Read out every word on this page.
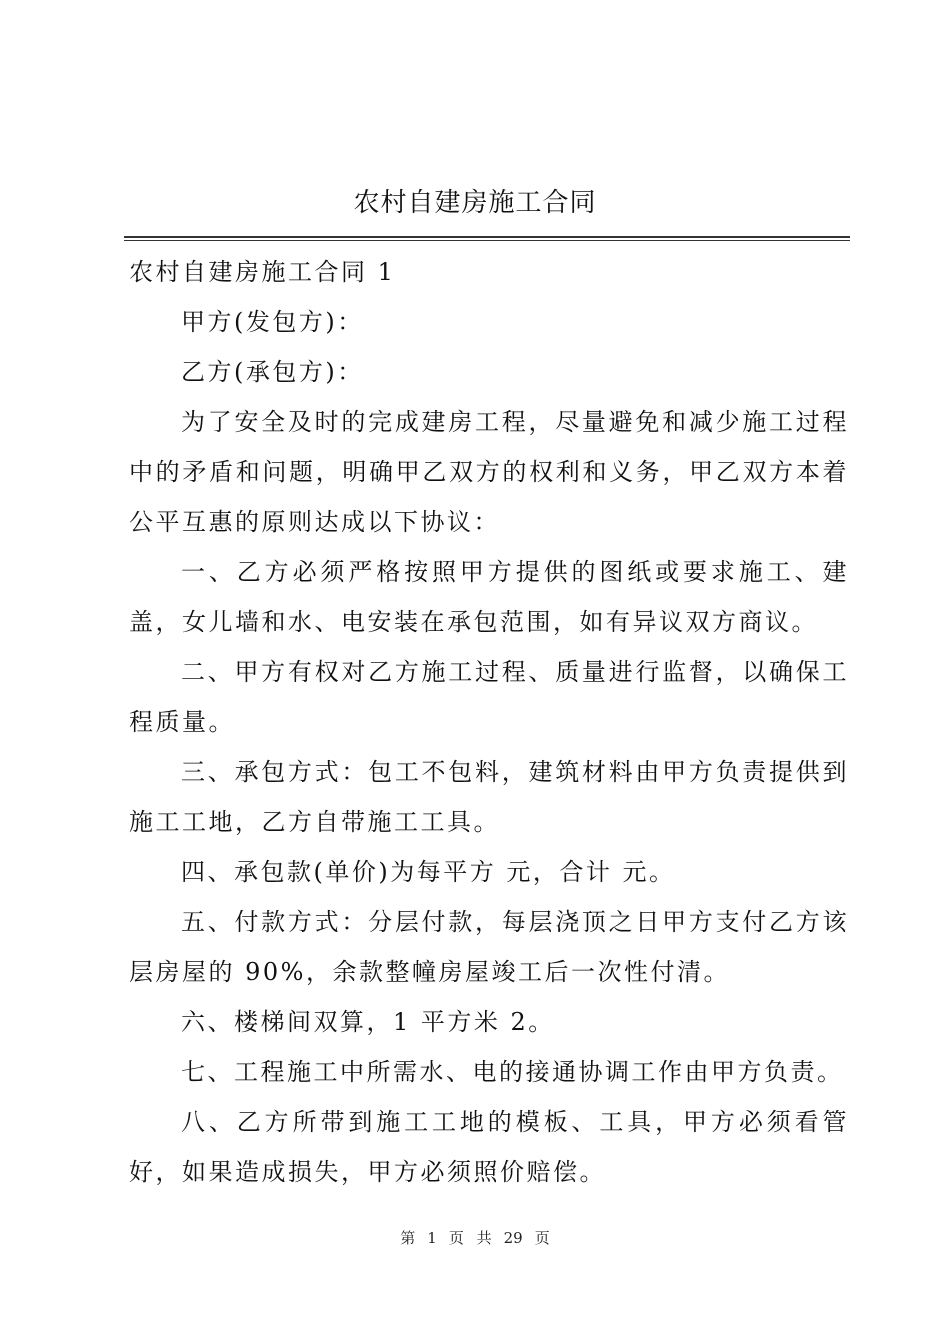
农村自建房施工合同

农村自建房施工合同 1

甲方(发包方)：

乙方(承包方)：

为了安全及时的完成建房工程，尽量避免和减少施工过程中的矛盾和问题，明确甲乙双方的权利和义务，甲乙双方本着公平互惠的原则达成以下协议：

一、乙方必须严格按照甲方提供的图纸或要求施工、建盖，女儿墙和水、电安装在承包范围，如有异议双方商议。

二、甲方有权对乙方施工过程、质量进行监督，以确保工程质量。

三、承包方式：包工不包料，建筑材料由甲方负责提供到施工工地，乙方自带施工工具。

四、承包款(单价)为每平方 元，合计 元。

五、付款方式：分层付款，每层浇顶之日甲方支付乙方该层房屋的 90%，余款整幢房屋竣工后一次性付清。

六、楼梯间双算，1 平方米 2。

七、工程施工中所需水、电的接通协调工作由甲方负责。

八、乙方所带到施工工地的模板、工具，甲方必须看管好，如果造成损失，甲方必须照价赔偿。

第 1 页 共 29 页
